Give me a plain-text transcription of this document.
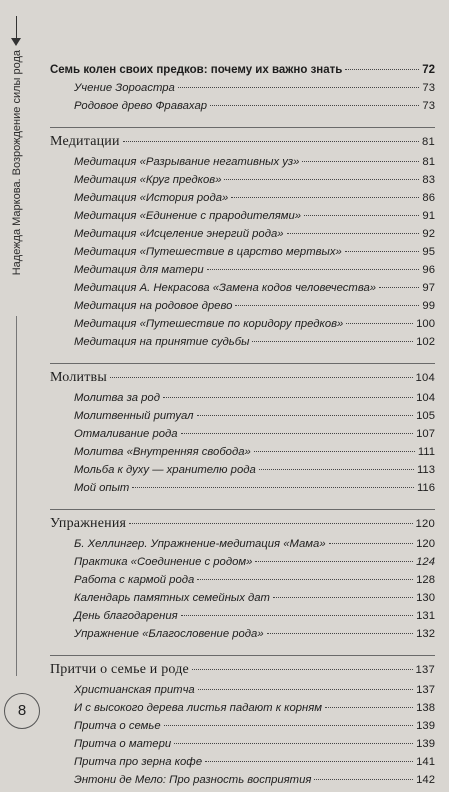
Надежда Маркова. Возрождение силы рода
8
Семь колен своих предков: почему их важно знать	72
Учение Зороастра	73
Родовое древо Фравахар	73
Медитации	81
Медитация «Разрывание негативных уз»	81
Медитация «Круг предков»	83
Медитация «История рода»	86
Медитация «Единение с прародителями»	91
Медитация «Исцеление энергий рода»	92
Медитация «Путешествие в царство мертвых»	95
Медитация для матери	96
Медитация А. Некрасова «Замена кодов человечества»	97
Медитация на родовое древо	99
Медитация «Путешествие по коридору предков»	100
Медитация на принятие судьбы	102
Молитвы	104
Молитва за род	104
Молитвенный ритуал	105
Отмаливание рода	107
Молитва «Внутренняя свобода»	111
Мольба к духу — хранителю рода	113
Мой опыт	116
Упражнения	120
Б. Хеллингер. Упражнение-медитация «Мама»	120
Практика «Соединение с родом»	124
Работа с кармой рода	128
Календарь памятных семейных дат	130
День благодарения	131
Упражнение «Благословение рода»	132
Притчи о семье и роде	137
Христианская притча	137
И с высокого дерева листья падают к корням	138
Притча о семье	139
Притча о матери	139
Притча про зерна кофе	141
Энтони де Мело: Про разность восприятия	142
